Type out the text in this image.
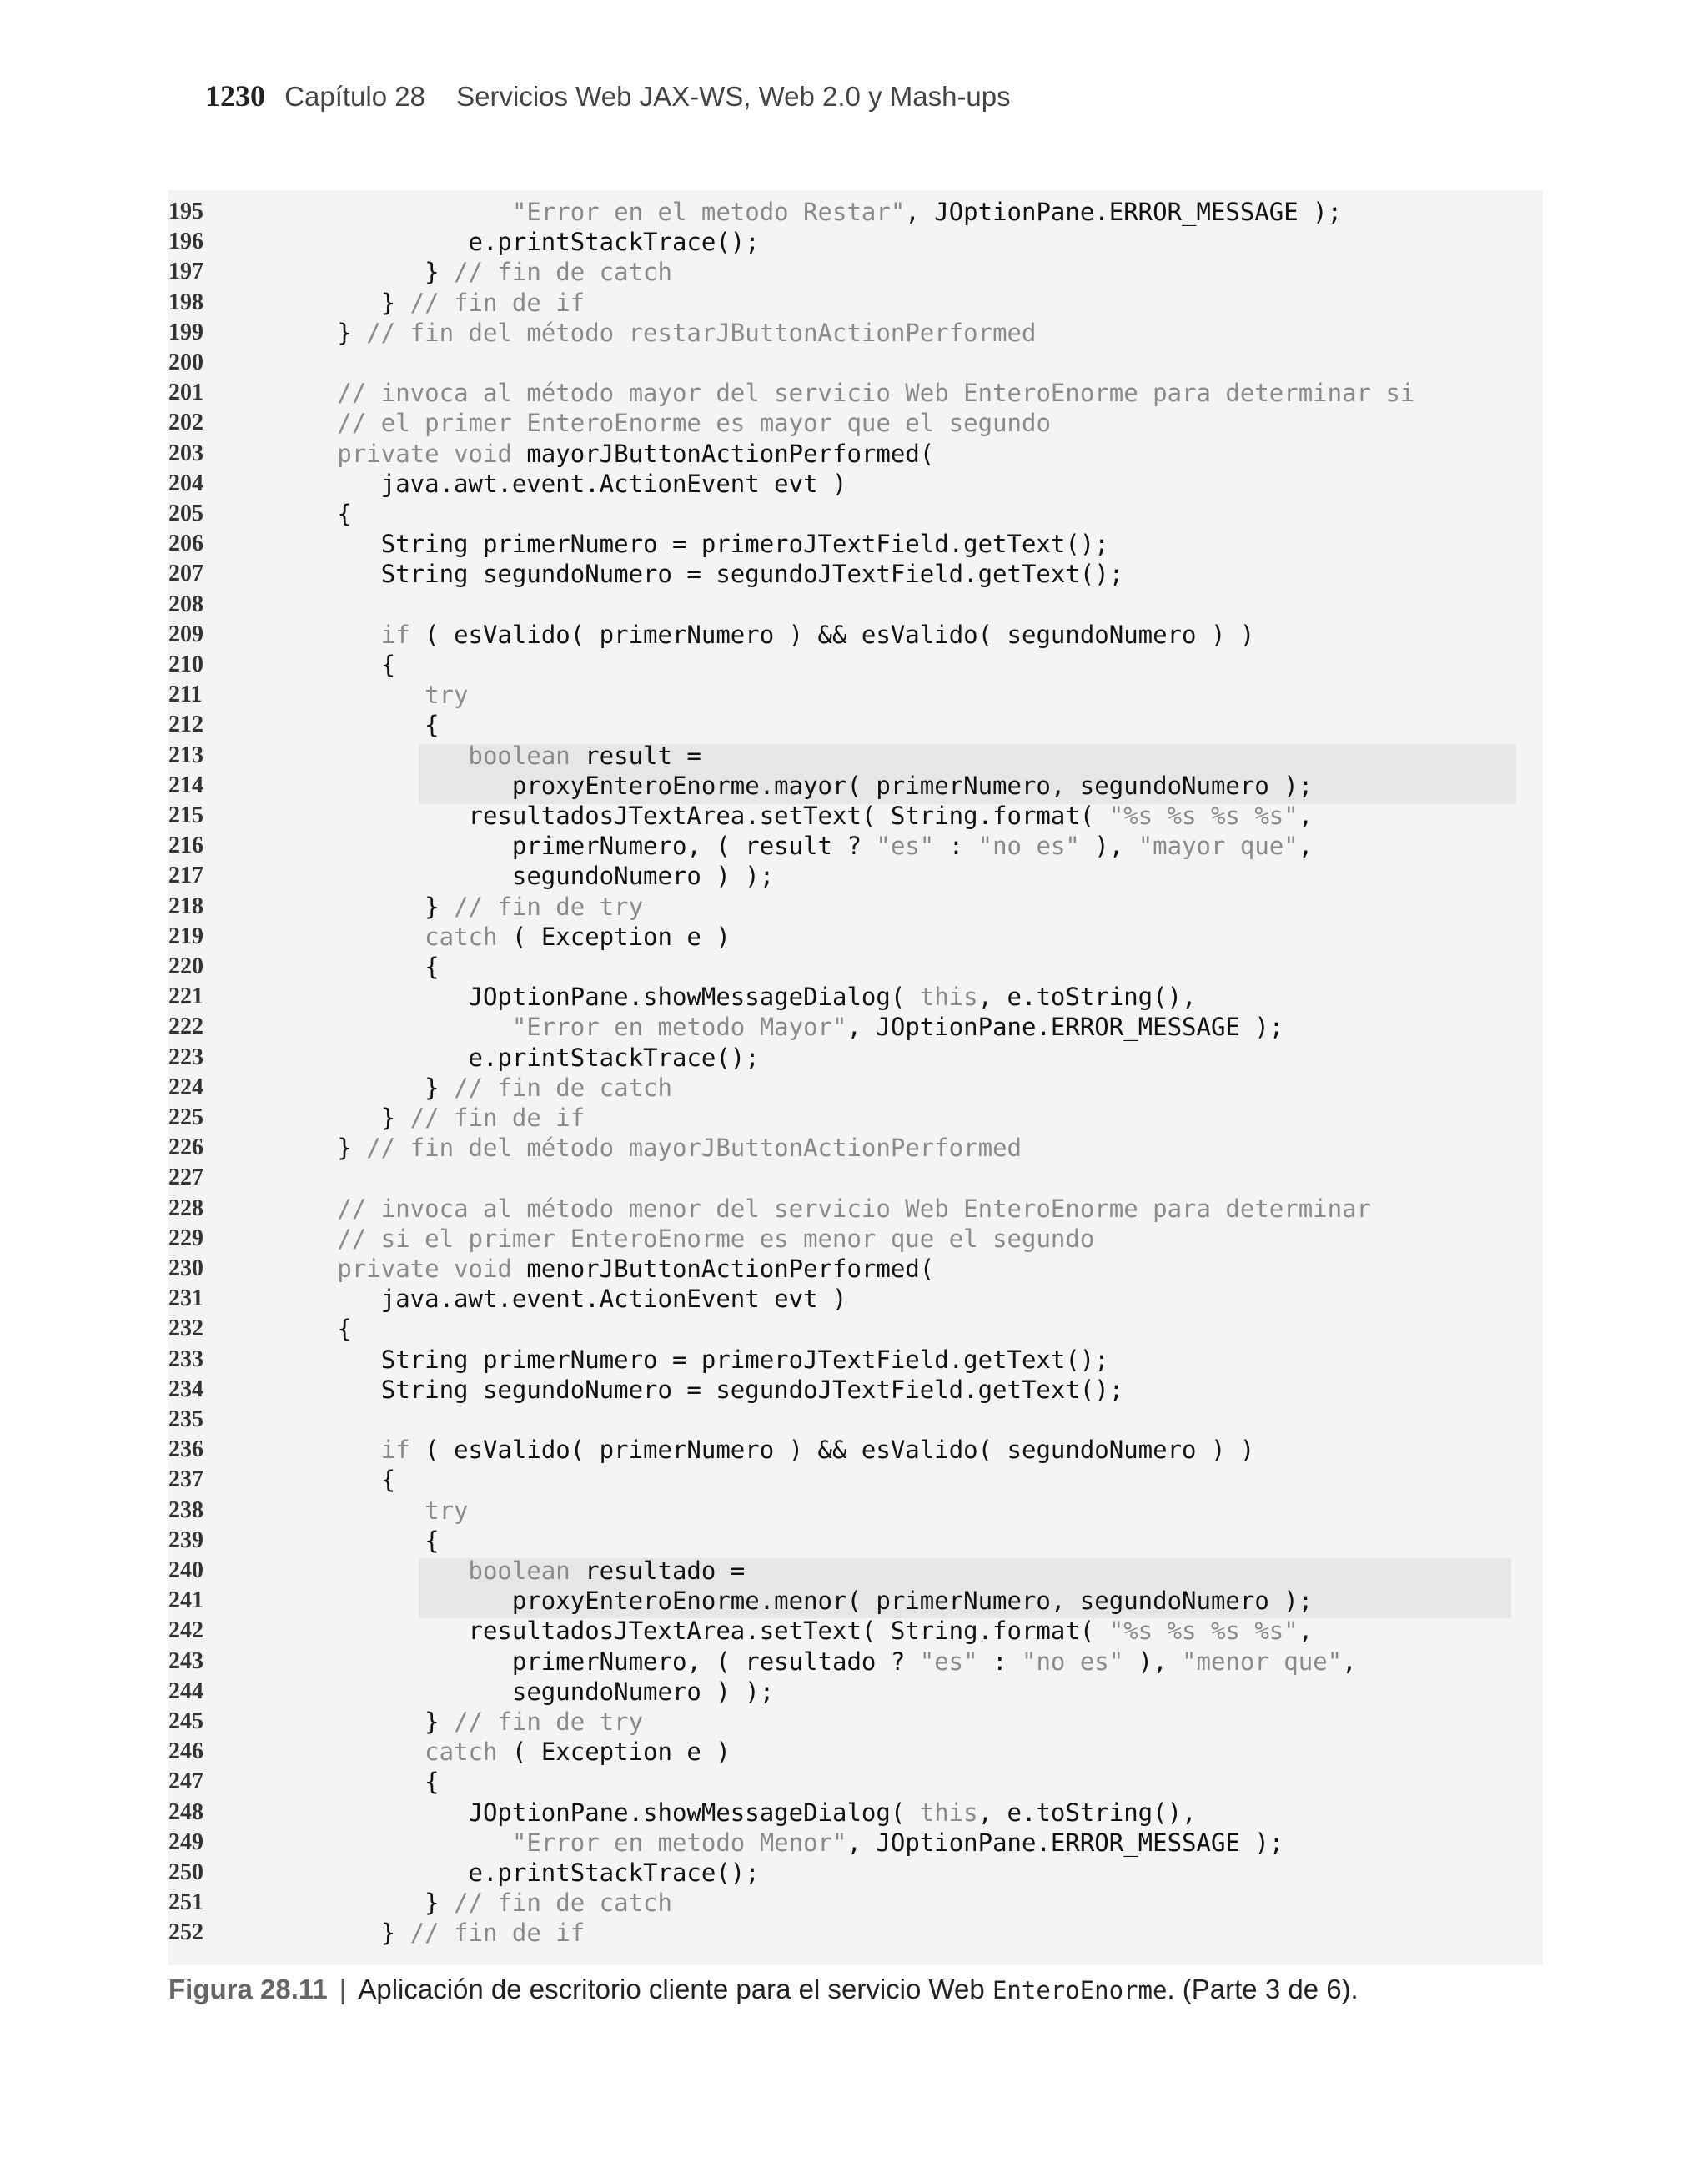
1230 Capítulo 28 Servicios Web JAX-WS, Web 2.0 y Mash-ups
195	"Error en el metodo Restar", JOptionPane.ERROR_MESSAGE );
196	e.printStackTrace();
197	} // fin de catch
198	} // fin de if
199	} // fin del método restarJButtonActionPerformed
200
201	// invoca al método mayor del servicio Web EnteroEnorme para determinar si
202	// el primer EnteroEnorme es mayor que el segundo
203	private void mayorJButtonActionPerformed(
204	java.awt.event.ActionEvent evt )
205	{
206	String primerNumero = primeroJTextField.getText();
207	String segundoNumero = segundoJTextField.getText();
208
209	if ( esValido( primerNumero ) && esValido( segundoNumero ) )
210	{
211	try
212	{
213	boolean result =
214	proxyEnteroEnorme.mayor( primerNumero, segundoNumero );
215	resultadosJTextArea.setText( String.format( "%s %s %s %s",
216	primerNumero, ( result ? "es" : "no es" ), "mayor que",
217	segundoNumero ) );
218	} // fin de try
219	catch ( Exception e )
220	{
221	JOptionPane.showMessageDialog( this, e.toString(),
222	"Error en metodo Mayor", JOptionPane.ERROR_MESSAGE );
223	e.printStackTrace();
224	} // fin de catch
225	} // fin de if
226	} // fin del método mayorJButtonActionPerformed
227
228	// invoca al método menor del servicio Web EnteroEnorme para determinar
229	// si el primer EnteroEnorme es menor que el segundo
230	private void menorJButtonActionPerformed(
231	java.awt.event.ActionEvent evt )
232	{
233	String primerNumero = primeroJTextField.getText();
234	String segundoNumero = segundoJTextField.getText();
235
236	if ( esValido( primerNumero ) && esValido( segundoNumero ) )
237	{
238	try
239	{
240	boolean resultado =
241	proxyEnteroEnorme.menor( primerNumero, segundoNumero );
242	resultadosJTextArea.setText( String.format( "%s %s %s %s",
243	primerNumero, ( resultado ? "es" : "no es" ), "menor que",
244	segundoNumero ) );
245	} // fin de try
246	catch ( Exception e )
247	{
248	JOptionPane.showMessageDialog( this, e.toString(),
249	"Error en metodo Menor", JOptionPane.ERROR_MESSAGE );
250	e.printStackTrace();
251	} // fin de catch
252	} // fin de if
Figura 28.11 | Aplicación de escritorio cliente para el servicio Web EnteroEnorme. (Parte 3 de 6).
